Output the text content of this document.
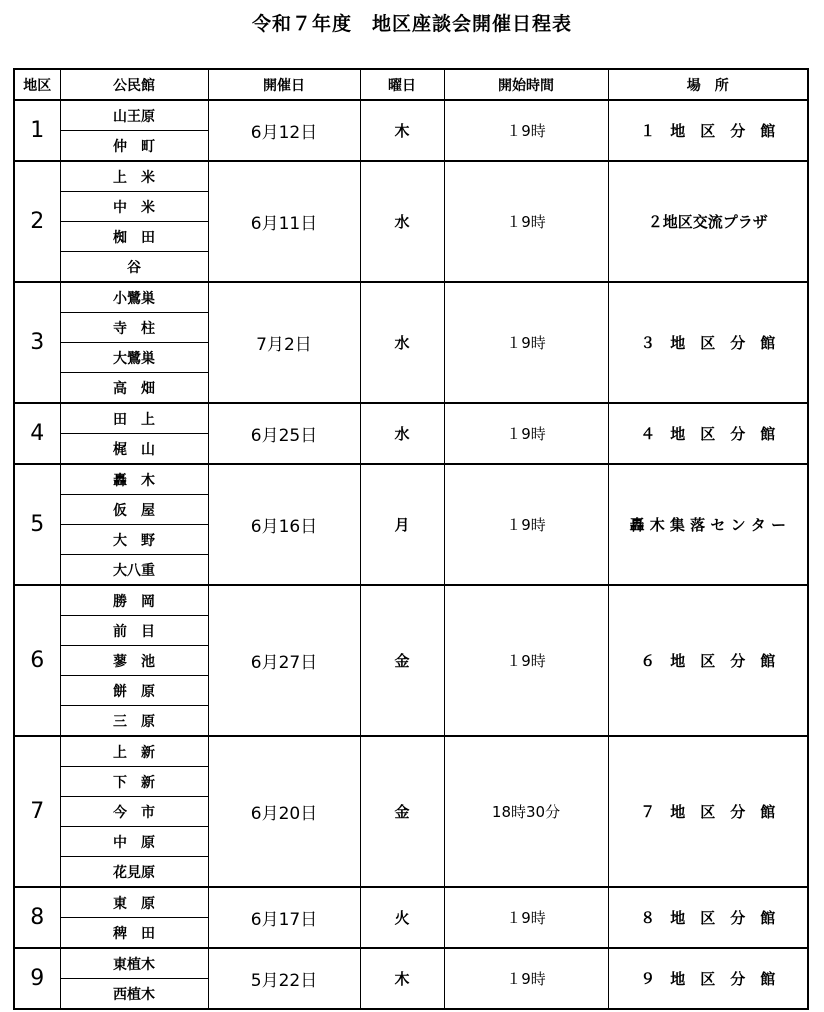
令和７年度　地区座談会開催日程表
地区	公民館	開催日	曜日	開始時間	場　所
1	山王原	6月12日	木	１9時	１　地　区　分　館
	仲　町				
2	上　米	6月11日	水	１9時	２地区交流プラザ
	中　米				
	椥　田				
	谷				
3	小鷺巣	7月2日	水	１9時	３　地　区　分　館
	寺　柱				
	大鷺巣				
	高　畑				
4	田　上	6月25日	水	１9時	４　地　区　分　館
	梶　山				
5	轟　木	6月16日	月	１9時	轟 木 集 落 セ ン タ ー
	仮　屋				
	大　野				
	大八重				
6	勝　岡	6月27日	金	１9時	６　地　区　分　館
	前　目				
	蓼　池				
	餅　原				
	三　原				
7	上　新	6月20日	金	18時30分	７　地　区　分　館
	下　新				
	今　市				
	中　原				
	花見原				
8	東　原	6月17日	火	１9時	８　地　区　分　館
	稗　田				
9	東植木	5月22日	木	１9時	９　地　区　分　館
	西植木				
